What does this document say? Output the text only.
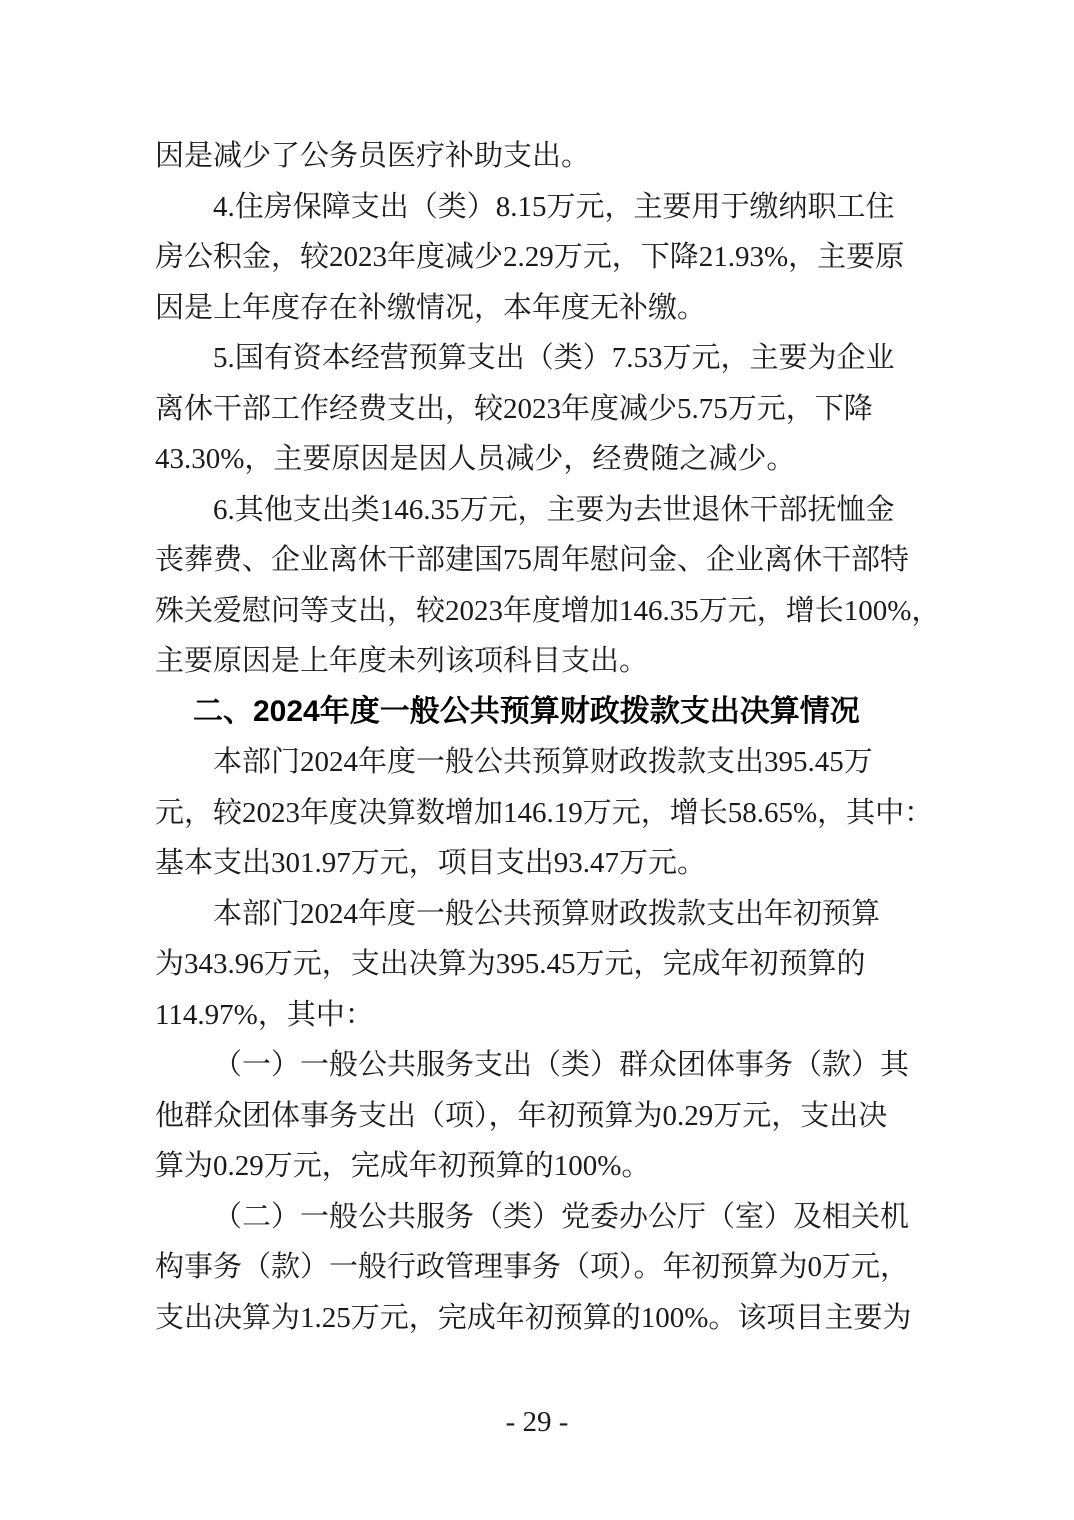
因是减少了公务员医疗补助支出。
4.住房保障支出（类）8.15万元，主要用于缴纳职工住
房公积金，较2023年度减少2.29万元，下降21.93%，主要原
因是上年度存在补缴情况，本年度无补缴。
5.国有资本经营预算支出（类）7.53万元，主要为企业
离休干部工作经费支出，较2023年度减少5.75万元，下降
43.30%，主要原因是因人员减少，经费随之减少。
6.其他支出类146.35万元，主要为去世退休干部抚恤金
丧葬费、企业离休干部建国75周年慰问金、企业离休干部特
殊关爱慰问等支出，较2023年度增加146.35万元，增长100%，
主要原因是上年度未列该项科目支出。
二、2024年度一般公共预算财政拨款支出决算情况
本部门2024年度一般公共预算财政拨款支出395.45万
元，较2023年度决算数增加146.19万元，增长58.65%，其中：
基本支出301.97万元，项目支出93.47万元。
本部门2024年度一般公共预算财政拨款支出年初预算
为343.96万元，支出决算为395.45万元，完成年初预算的
114.97%，其中：
（一）一般公共服务支出（类）群众团体事务（款）其
他群众团体事务支出（项），年初预算为0.29万元，支出决
算为0.29万元，完成年初预算的100%。
（二）一般公共服务（类）党委办公厅（室）及相关机
构事务（款）一般行政管理事务（项）。年初预算为0万元，
支出决算为1.25万元，完成年初预算的100%。该项目主要为
- 29 -
